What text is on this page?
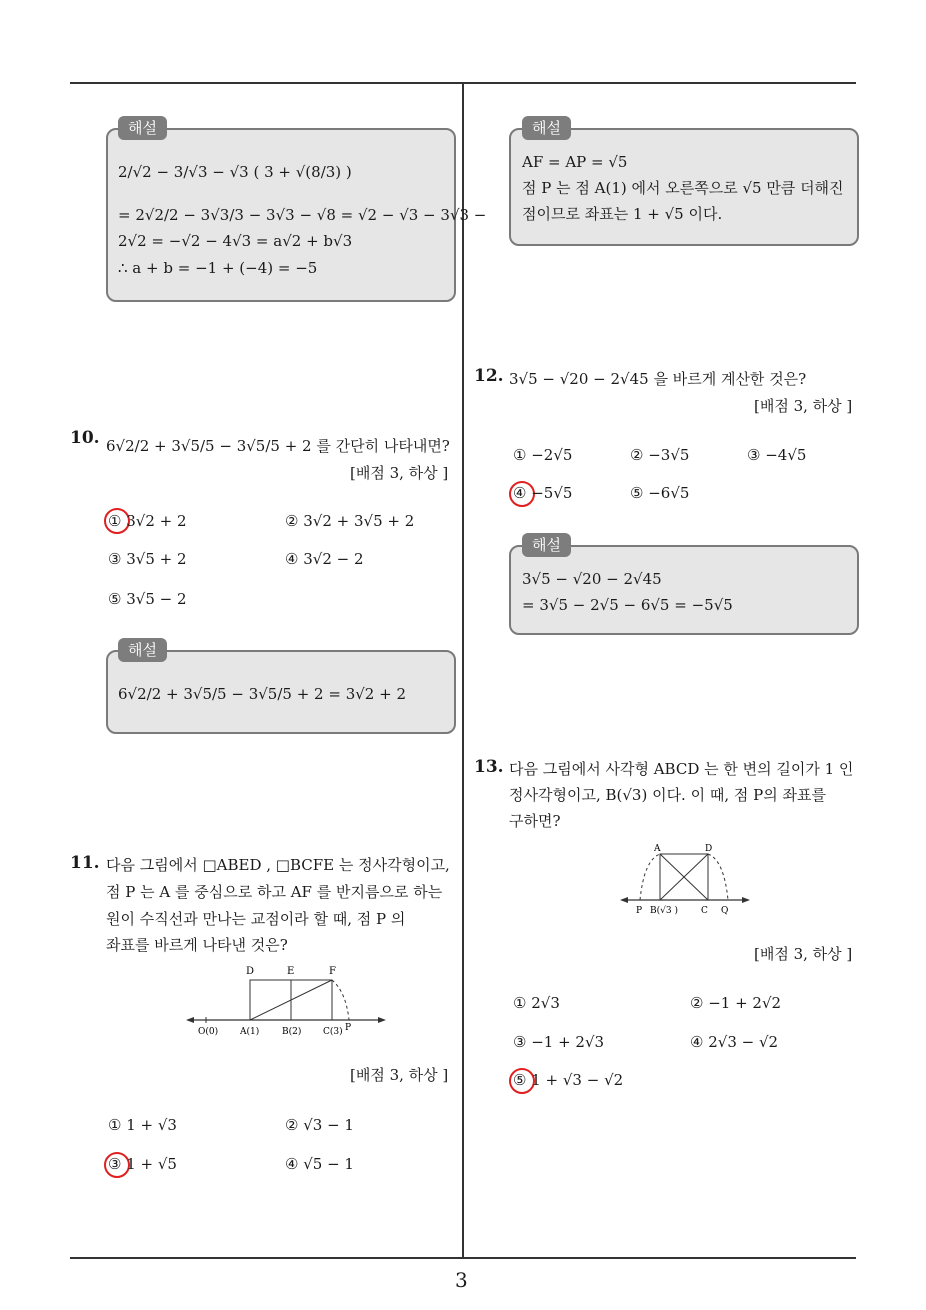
3
해설
2/√2 − 3/√3 − √3 ( 3 + √(8/3) )
= 2√2/2 − 3√3/3 − 3√3 − √8 = √2 − √3 − 3√3 −
2√2 = −√2 − 4√3 = a√2 + b√3
∴ a + b = −1 + (−4) = −5
10. 6√2/2 + 3√5/5 − 3√5/5 + 2 를 간단히 나타내면?
[배점 3, 하상 ]
① 3√2 + 2	② 3√2 + 3√5 + 2
③ 3√5 + 2	④ 3√2 − 2
⑤ 3√5 − 2
해설
6√2/2 + 3√5/5 − 3√5/5 + 2 = 3√2 + 2
11. 다음 그림에서 □ABED , □BCFE 는 정사각형이고,
점 P 는 A 를 중심으로 하고 AF 를 반지름으로 하는
원이 수직선과 만나는 교점이라 할 때, 점 P 의
좌표를 바르게 나타낸 것은?
D	E	F
O(0) A(1)	B(2) C(3) P
[배점 3, 하상 ]
① 1 + √3	② √3 − 1
③ 1 + √5	④ √5 − 1
해설
AF = AP = √5
점 P 는 점 A(1) 에서 오른쪽으로 √5 만큼 더해진
점이므로 좌표는 1 + √5 이다.
12. 3√5 − √20 − 2√45 을 바르게 계산한 것은?
[배점 3, 하상 ]
① −2√5	② −3√5	③ −4√5
④ −5√5	⑤ −6√5
해설
3√5 − √20 − 2√45
= 3√5 − 2√5 − 6√5 = −5√5
13. 다음 그림에서 사각형 ABCD 는 한 변의 길이가 1 인
정사각형이고, B(√3) 이다. 이 때, 점 P의 좌표를
구하면?
A	D
P B(√3 )	C Q
[배점 3, 하상 ]
① 2√3	② −1 + 2√2
③ −1 + 2√3	④ 2√3 − √2
⑤ 1 + √3 − √2
